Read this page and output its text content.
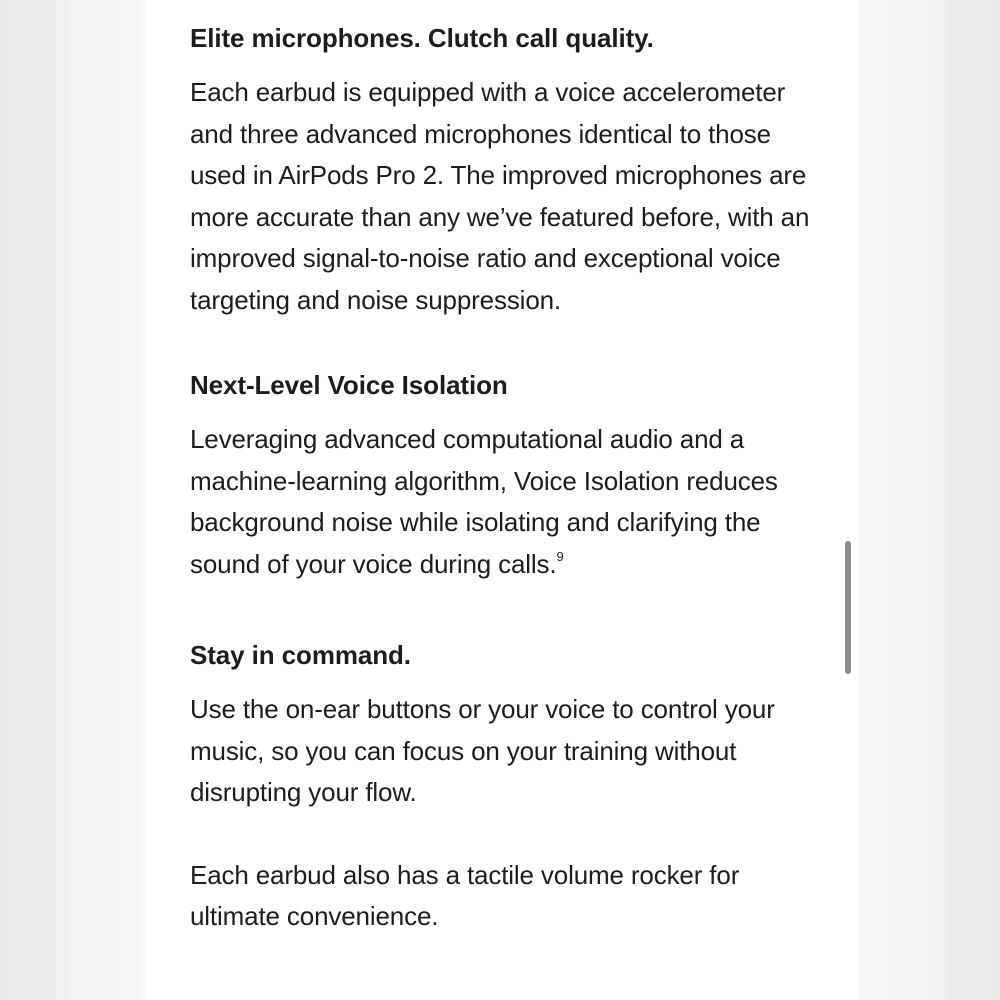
Elite microphones. Clutch call quality.

Each earbud is equipped with a voice accelerometer and three advanced microphones identical to those used in AirPods Pro 2. The improved microphones are more accurate than any we’ve featured before, with an improved signal-to-noise ratio and exceptional voice targeting and noise suppression.

Next-Level Voice Isolation

Leveraging advanced computational audio and a machine-learning algorithm, Voice Isolation reduces background noise while isolating and clarifying the sound of your voice during calls.$^9$

Stay in command.

Use the on-ear buttons or your voice to control your music, so you can focus on your training without disrupting your flow.

Each earbud also has a tactile volume rocker for ultimate convenience.
